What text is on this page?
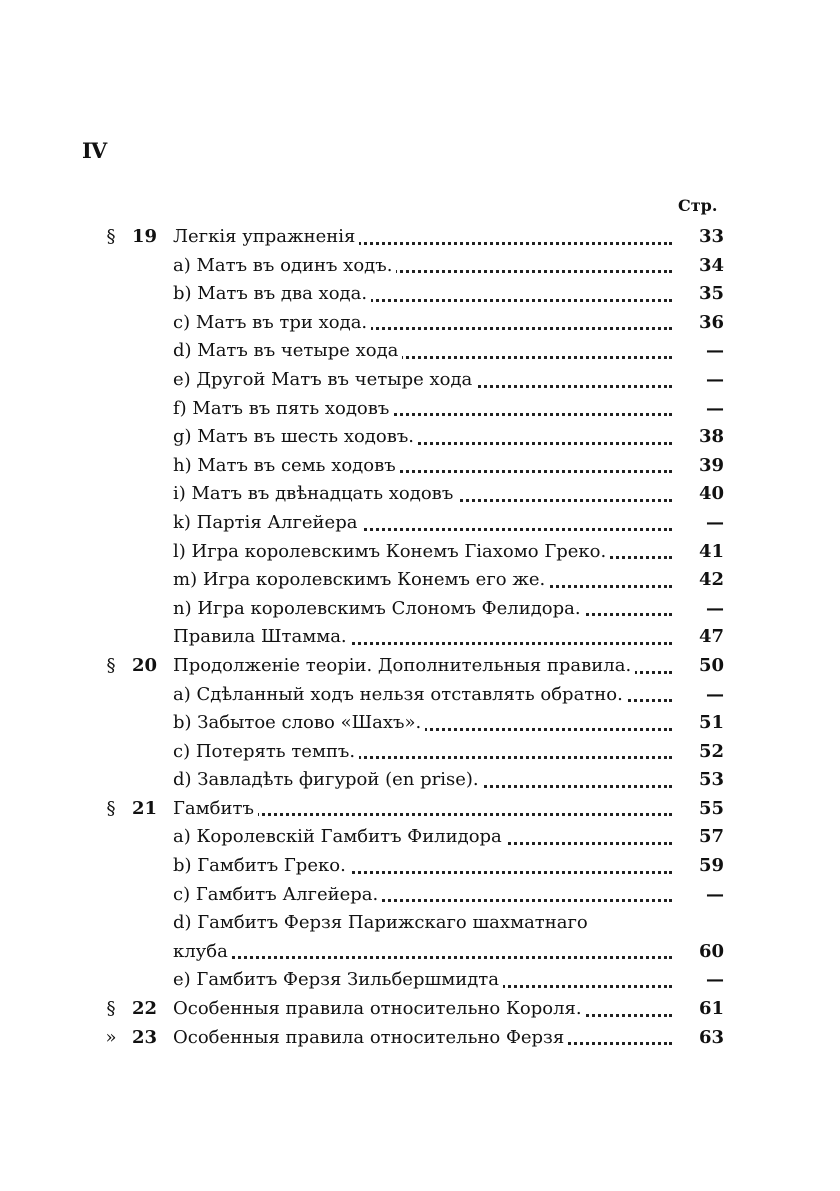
IV
Стр.
§ 19 Легкія упражненія	33
a) Матъ въ одинъ ходъ.	34
b) Матъ въ два хода.	35
c) Матъ въ три хода.	36
d) Матъ въ четыре хода	—
e) Другой Матъ въ четыре хода	—
f) Матъ въ пять ходовъ	—
g) Матъ въ шесть ходовъ.	38
h) Матъ въ семь ходовъ	39
i) Матъ въ двѣнадцать ходовъ	40
k) Партія Алгейера	—
l) Игра королевскимъ Конемъ Гіахомо Греко.	41
m) Игра королевскимъ Конемъ его же.	42
n) Игра королевскимъ Слономъ Фелидора.	—
Правила Штамма.	47
§ 20 Продолженіе теоріи. Дополнительныя правила.	50
a) Сдѣланный ходъ нельзя отставлять обратно.	—
b) Забытое слово «Шахъ».	51
c) Потерять темпъ.	52
d) Завладѣть фигурой (en prise).	53
§ 21 Гамбитъ	55
a) Королевскій Гамбитъ Филидора	57
b) Гамбитъ Греко.	59
c) Гамбитъ Алгейера.	—
d) Гамбитъ Ферзя Парижскаго шахматнаго
клуба	60
e) Гамбитъ Ферзя Зильбершмидта	—
§ 22 Особенныя правила относительно Короля.	61
» 23 Особенныя правила относительно Ферзя	63
